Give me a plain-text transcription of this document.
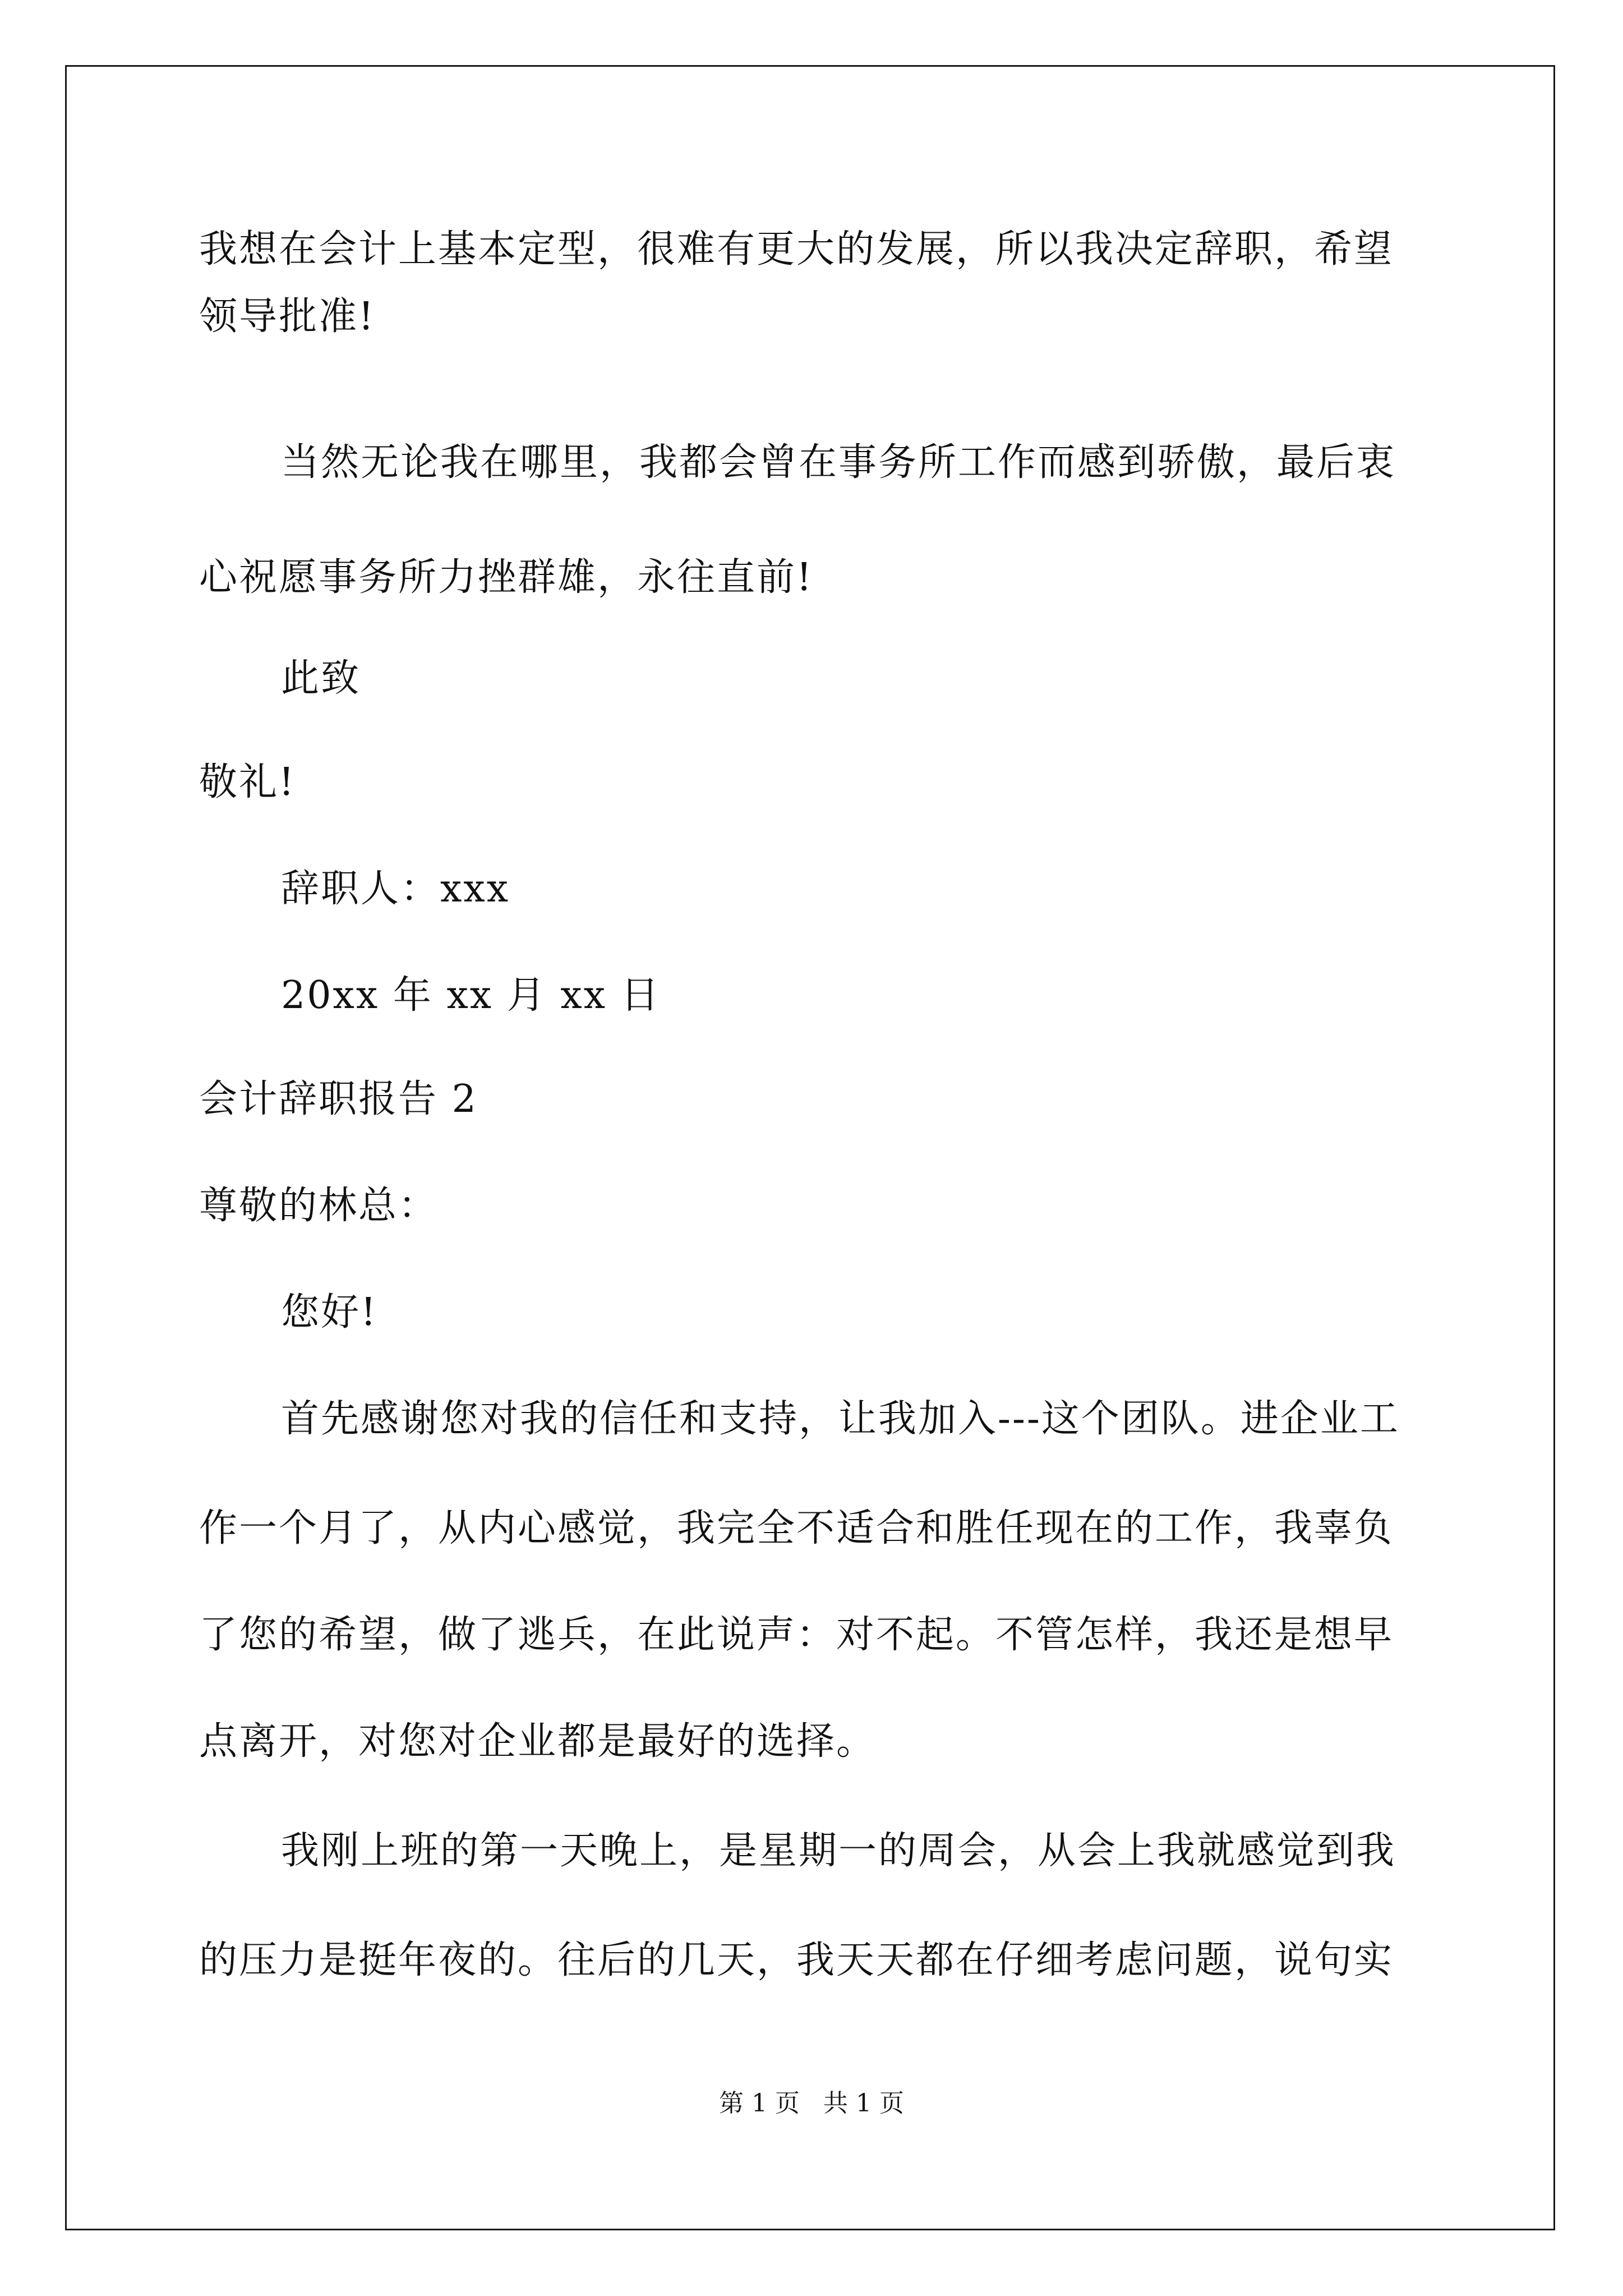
我想在会计上基本定型，很难有更大的发展，所以我决定辞职，希望
领导批准!
当然无论我在哪里，我都会曾在事务所工作而感到骄傲，最后衷
心祝愿事务所力挫群雄，永往直前!
此致
敬礼!
辞职人：xxx
20xx 年 xx 月 xx 日
会计辞职报告 2
尊敬的林总：
您好!
首先感谢您对我的信任和支持，让我加入---这个团队。进企业工
作一个月了，从内心感觉，我完全不适合和胜任现在的工作，我辜负
了您的希望，做了逃兵，在此说声：对不起。不管怎样，我还是想早
点离开，对您对企业都是最好的选择。
我刚上班的第一天晚上，是星期一的周会，从会上我就感觉到我
的压力是挺年夜的。往后的几天，我天天都在仔细考虑问题，说句实
第 1 页   共 1 页
